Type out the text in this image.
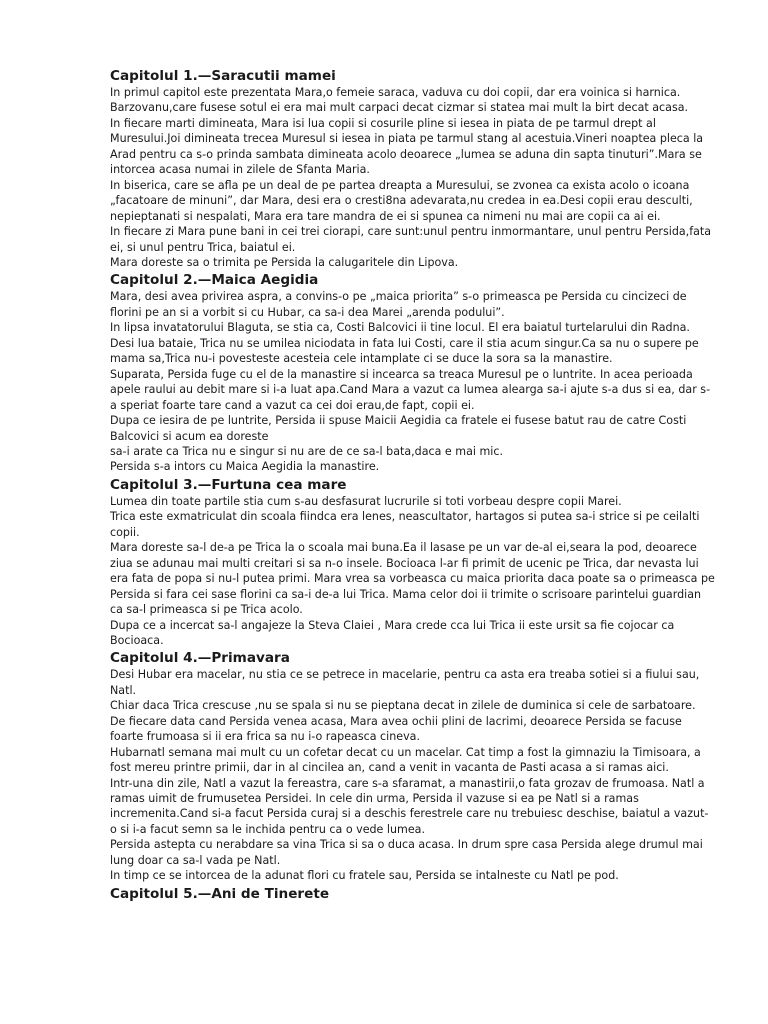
Capitolul 1.—Saracutii mamei

In primul capitol este prezentata Mara,o femeie saraca, vaduva cu doi copii, dar era voinica si harnica. Barzovanu,care fusese sotul ei era mai mult carpaci decat cizmar si statea mai mult la birt decat acasa.

In fiecare marti dimineata, Mara isi lua copii si cosurile pline si iesea in piata de pe tarmul drept al Muresului.Joi dimineata trecea Muresul si iesea in piata pe tarmul stang al acestuia.Vineri noaptea pleca la Arad pentru ca s-o prinda sambata dimineata acolo deoarece „lumea se aduna din sapta tinuturi”.Mara se intorcea acasa numai in zilele de Sfanta Maria.

In biserica, care se afla pe un deal de pe partea dreapta a Muresului, se zvonea ca exista acolo o icoana „facatoare de minuni”, dar Mara, desi era o cresti8na adevarata,nu credea in ea.Desi copii erau desculti, nepieptanati si nespalati, Mara era tare mandra de ei si spunea ca nimeni nu mai are copii ca ai ei.

In fiecare zi Mara pune bani in cei trei ciorapi, care sunt:unul pentru inmormantare, unul pentru Persida,fata ei, si unul pentru Trica, baiatul ei.

Mara doreste sa o trimita pe Persida la calugaritele din Lipova.

Capitolul 2.—Maica Aegidia

Mara, desi avea privirea aspra, a convins-o pe „maica priorita” s-o primeasca pe Persida cu cincizeci de florini pe an si a vorbit si cu Hubar, ca sa-i dea Marei „arenda podului”.

In lipsa invatatorului Blaguta, se stia ca, Costi Balcovici ii tine locul. El era baiatul turtelarului din Radna. Desi lua bataie, Trica nu se umilea niciodata in fata lui Costi, care il stia acum singur.Ca sa nu o supere pe mama sa,Trica nu-i povesteste acesteia cele intamplate ci se duce la sora sa la manastire.

Suparata, Persida fuge cu el de la manastire si incearca sa treaca Muresul pe o luntrite. In acea perioada apele raului au debit mare si i-a luat apa.Cand Mara a vazut ca lumea alearga sa-i ajute s-a dus si ea, dar s-a speriat foarte tare cand a vazut ca cei doi erau,de fapt, copii ei.

Dupa ce iesira de pe luntrite, Persida ii spuse Maicii Aegidia ca fratele ei fusese batut rau de catre Costi Balcovici si acum ea doreste

sa-i arate ca Trica nu e singur si nu are de ce sa-l bata,daca e mai mic.

Persida s-a intors cu Maica Aegidia la manastire.

Capitolul 3.—Furtuna cea mare

Lumea din toate partile stia cum s-au desfasurat lucrurile si toti vorbeau despre copii Marei.

Trica este exmatriculat din scoala fiindca era lenes, neascultator, hartagos si putea sa-i strice si pe ceilalti copii.

Mara doreste sa-l de-a pe Trica la o scoala mai buna.Ea il lasase pe un var de-al ei,seara la pod, deoarece ziua se adunau mai multi creitari si sa n-o insele. Bocioaca l-ar fi primit de ucenic pe Trica, dar nevasta lui era fata de popa si nu-l putea primi. Mara vrea sa vorbeasca cu maica priorita daca poate sa o primeasca pe Persida si fara cei sase florini ca sa-i de-a lui Trica. Mama celor doi ii trimite o scrisoare parintelui guardian ca sa-l primeasca si pe Trica acolo.

Dupa ce a incercat sa-l angajeze la Steva Claiei , Mara crede cca lui Trica ii este ursit sa fie cojocar ca Bocioaca.

Capitolul 4.—Primavara

Desi Hubar era macelar, nu stia ce se petrece in macelarie, pentru ca asta era treaba sotiei si a fiului sau, Natl.

Chiar daca Trica crescuse ,nu se spala si nu se pieptana decat in zilele de duminica si cele de sarbatoare.

De fiecare data cand Persida venea acasa, Mara avea ochii plini de lacrimi, deoarece Persida se facuse foarte frumoasa si ii era frica sa nu i-o rapeasca cineva.

Hubarnatl semana mai mult cu un cofetar decat cu un macelar. Cat timp a fost la gimnaziu la Timisoara, a fost mereu printre primii, dar in al cincilea an, cand a venit in vacanta de Pasti acasa a si ramas aici.

Intr-una din zile, Natl a vazut la fereastra, care s-a sfaramat, a manastirii,o fata grozav de frumoasa. Natl a ramas uimit de frumusetea Persidei. In cele din urma, Persida il vazuse si ea pe Natl si a ramas incremenita.Cand si-a facut Persida curaj si a deschis ferestrele care nu trebuiesc deschise, baiatul a vazut-o si i-a facut semn sa le inchida pentru ca o vede lumea.

Persida astepta cu nerabdare sa vina Trica si sa o duca acasa. In drum spre casa Persida alege drumul mai lung doar ca sa-l vada pe Natl.

In timp ce se intorcea de la adunat flori cu fratele sau, Persida se intalneste cu Natl pe pod.

Capitolul 5.—Ani de Tinerete
